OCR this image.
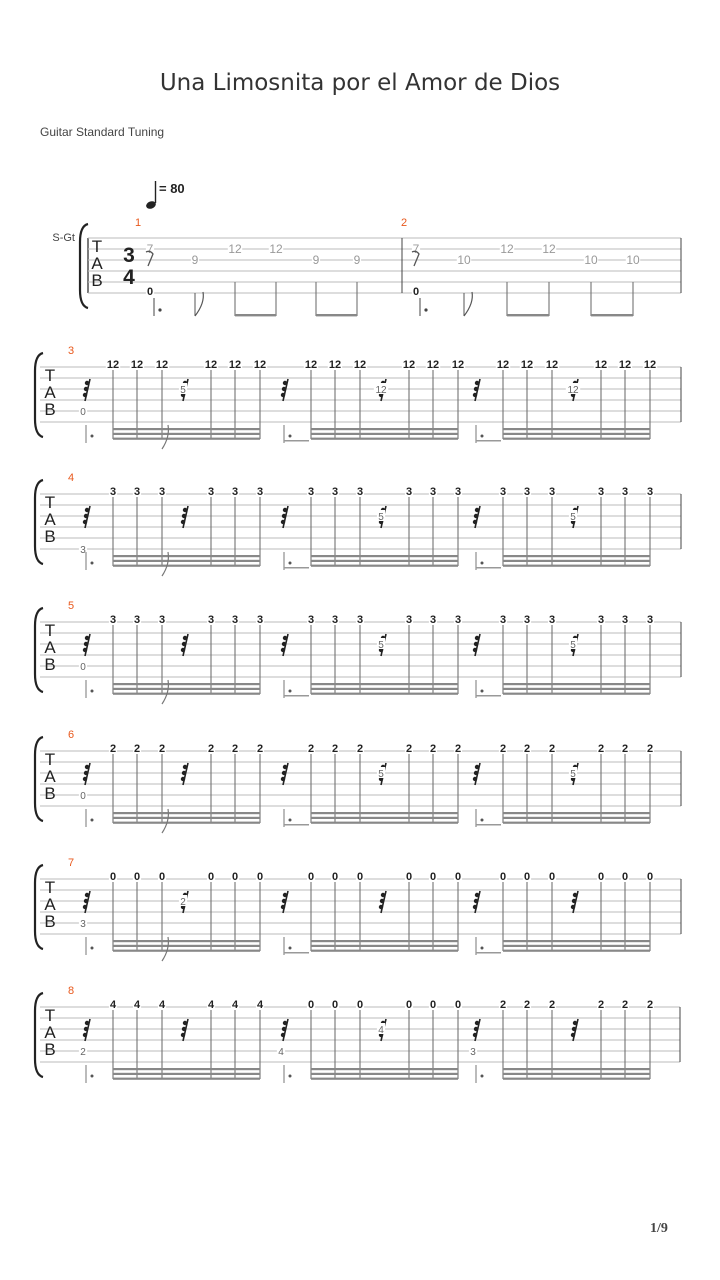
Una Limosnita por el Amor de Dios
Guitar Standard Tuning
1/9
= 80
S-Gt T
A
B
3
4
1
0
7
9
12 12
9	9
2
0
7
10
12 12
10 10
T
A
B
3
0
5
12 12 12	12 12 12
12
12 12 12	12 12 12
12
12 12 12	12 12 12
T
A
B
4
3
3 3 3	3 3 3
5
3 3 3	3 3 3
5
3 3 3	3 3 3
T
A
B
5
0
3 3 3	3 3 3
5
3 3 3	3 3 3
5
3 3 3	3 3 3
T
A
B
6
0
2 2 2	2 2 2
5
2 2 2	2 2 2
5
2 2 2	2 2 2
T
A
B
7
3
2
0 0 0	0 0 0	0 0 0	0 0 0	0 0 0	0 0 0
T
A
B
8
2
4 4 4	4 4 4
4
4
0 0 0	0 0 0
3
2 2 2	2 2 2
